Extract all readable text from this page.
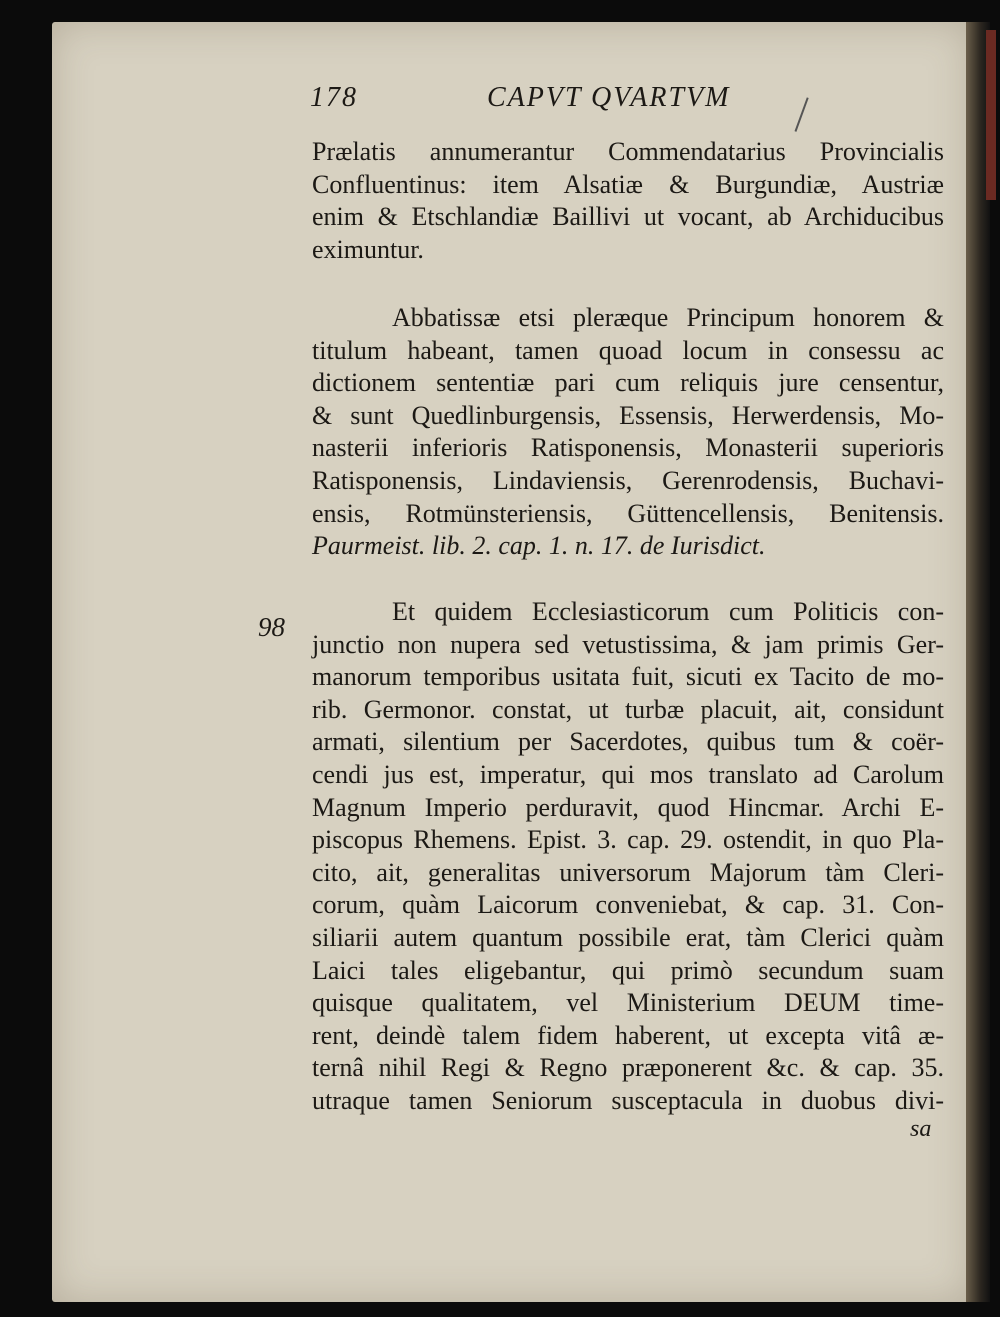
178	CAPVT QVARTVM
Prælatis annumerantur Commendatarius Provincialis
Confluentinus: item Alsatiæ & Burgundiæ, Austriæ
enim & Etschlandiæ Baillivi ut vocant, ab Archiducibus
eximuntur.
Abbatissæ etsi pleræque Principum honorem &
titulum habeant, tamen quoad locum in consessu ac
dictionem sententiæ pari cum reliquis jure censentur,
& sunt Quedlinburgensis, Essensis, Herwerdensis, Mo-
nasterii inferioris Ratisponensis, Monasterii superioris
Ratisponensis, Lindaviensis, Gerenrodensis, Buchavi-
ensis, Rotmünsteriensis, Güttencellensis, Benitensis.
Paurmeist. lib. 2. cap. 1. n. 17. de Iurisdict.
98
Et quidem Ecclesiasticorum cum Politicis con-
junctio non nupera sed vetustissima, & jam primis Ger-
manorum temporibus usitata fuit, sicuti ex Tacito de mo-
rib. Germonor. constat, ut turbæ placuit, ait, considunt
armati, silentium per Sacerdotes, quibus tum & coër-
cendi jus est, imperatur, qui mos translato ad Carolum
Magnum Imperio perduravit, quod Hincmar. Archi E-
piscopus Rhemens. Epist. 3. cap. 29. ostendit, in quo Pla-
cito, ait, generalitas universorum Majorum tàm Cleri-
corum, quàm Laicorum conveniebat, & cap. 31. Con-
siliarii autem quantum possibile erat, tàm Clerici quàm
Laici tales eligebantur, qui primò secundum suam
quisque qualitatem, vel Ministerium DEUM time-
rent, deindè talem fidem haberent, ut excepta vitâ æ-
ternâ nihil Regi & Regno præponerent &c. & cap. 35.
utraque tamen Seniorum susceptacula in duobus divi-
sa
